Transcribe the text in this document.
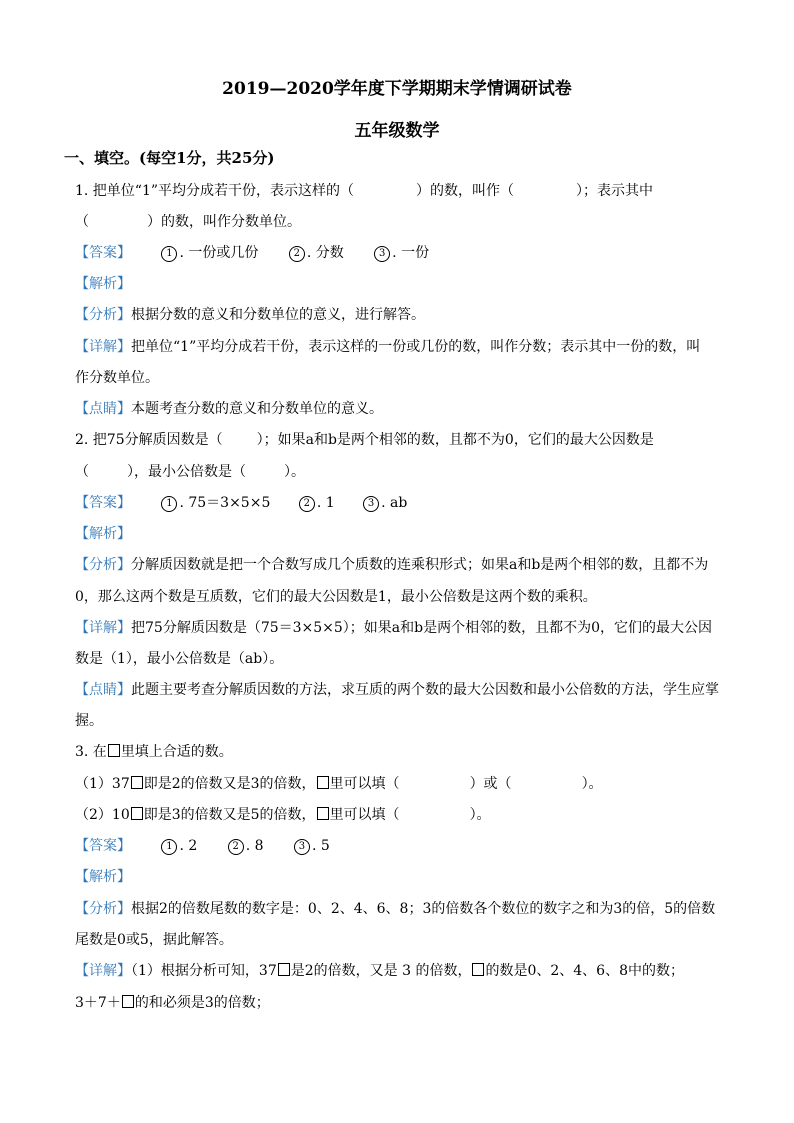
2019—2020学年度下学期期末学情调研试卷
五年级数学
一、填空。(每空1分，共25分)
1. 把单位“1”平均分成若干份，表示这样的（	）的数，叫作（	）；表示其中
（	）的数，叫作分数单位。
【答案】	1 . 一份或几份	2 . 分数	3 . 一份
【解析】
【分析】根据分数的意义和分数单位的意义，进行解答。
【详解】把单位“1”平均分成若干份，表示这样的一份或几份的数，叫作分数；表示其中一份的数，叫
作分数单位。
【点睛】本题考查分数的意义和分数单位的意义。
2. 把75分解质因数是（ ）；如果a和b是两个相邻的数，且都不为0，它们的最大公因数是
（	），最小公倍数是（	）。
【答案】	1 . 75＝3×5×5	2 . 1	3 . ab
【解析】
【分析】分解质因数就是把一个合数写成几个质数的连乘积形式；如果a和b是两个相邻的数，且都不为
0，那么这两个数是互质数，它们的最大公因数是1，最小公倍数是这两个数的乘积。
【详解】把75分解质因数是（75＝3×5×5）；如果a和b是两个相邻的数，且都不为0，它们的最大公因
数是（1），最小公倍数是（ab）。
【点睛】此题主要考查分解质因数的方法，求互质的两个数的最大公因数和最小公倍数的方法，学生应掌
握。
3. 在 里填上合适的数。
（1）37 即是2的倍数又是3的倍数， 里可以填（	）或（	）。
（2）10 即是3的倍数又是5的倍数， 里可以填（	）。
【答案】	1 . 2	2 . 8	3 . 5
【解析】
【分析】根据2的倍数尾数的数字是：0、2、4、6、8；3的倍数各个数位的数字之和为3的倍，5的倍数
尾数是0或5，据此解答。
【详解】（1）根据分析可知，37 是2的倍数，又是 3 的倍数， 的数是0、2、4、6、8中的数；
3＋7＋ 的和必须是3的倍数；
